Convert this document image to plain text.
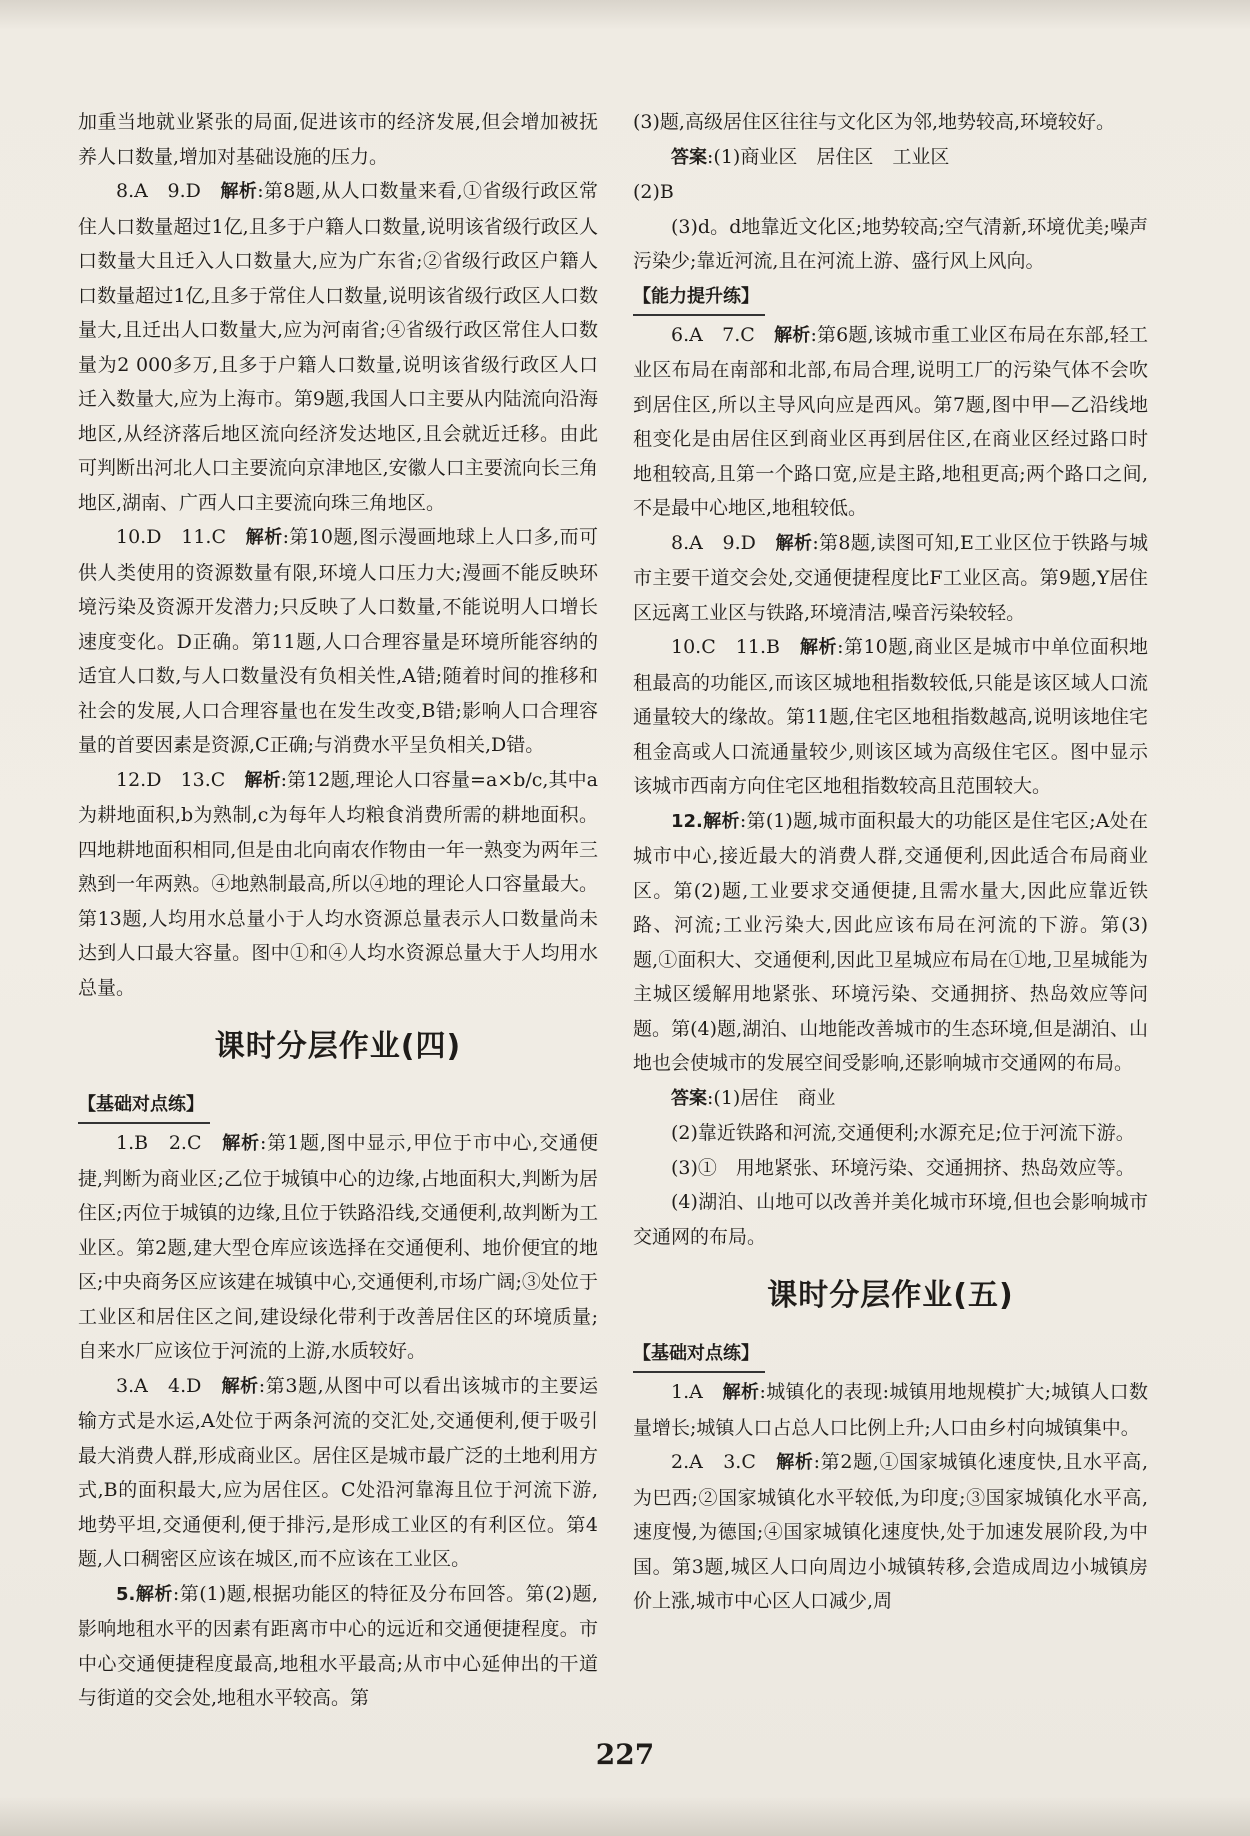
加重当地就业紧张的局面,促进该市的经济发展,但会增加被抚养人口数量,增加对基础设施的压力。

8.A　9.D　解析:第8题,从人口数量来看,①省级行政区常住人口数量超过1亿,且多于户籍人口数量,说明该省级行政区人口数量大且迁入人口数量大,应为广东省;②省级行政区户籍人口数量超过1亿,且多于常住人口数量,说明该省级行政区人口数量大,且迁出人口数量大,应为河南省;④省级行政区常住人口数量为2 000多万,且多于户籍人口数量,说明该省级行政区人口迁入数量大,应为上海市。第9题,我国人口主要从内陆流向沿海地区,从经济落后地区流向经济发达地区,且会就近迁移。由此可判断出河北人口主要流向京津地区,安徽人口主要流向长三角地区,湖南、广西人口主要流向珠三角地区。

10.D　11.C　解析:第10题,图示漫画地球上人口多,而可供人类使用的资源数量有限,环境人口压力大;漫画不能反映环境污染及资源开发潜力;只反映了人口数量,不能说明人口增长速度变化。D正确。第11题,人口合理容量是环境所能容纳的适宜人口数,与人口数量没有负相关性,A错;随着时间的推移和社会的发展,人口合理容量也在发生改变,B错;影响人口合理容量的首要因素是资源,C正确;与消费水平呈负相关,D错。

12.D　13.C　解析:第12题,理论人口容量=a×b/c,其中a为耕地面积,b为熟制,c为每年人均粮食消费所需的耕地面积。四地耕地面积相同,但是由北向南农作物由一年一熟变为两年三熟到一年两熟。④地熟制最高,所以④地的理论人口容量最大。第13题,人均用水总量小于人均水资源总量表示人口数量尚未达到人口最大容量。图中①和④人均水资源总量大于人均用水总量。

课时分层作业(四)
【 基础对点练 】

1.B　2.C　解析:第1题,图中显示,甲位于市中心,交通便捷,判断为商业区;乙位于城镇中心的边缘,占地面积大,判断为居住区;丙位于城镇的边缘,且位于铁路沿线,交通便利,故判断为工业区。第2题,建大型仓库应该选择在交通便利、地价便宜的地区;中央商务区应该建在城镇中心,交通便利,市场广阔;③处位于工业区和居住区之间,建设绿化带利于改善居住区的环境质量;自来水厂应该位于河流的上游,水质较好。

3.A　4.D　解析:第3题,从图中可以看出该城市的主要运输方式是水运,A处位于两条河流的交汇处,交通便利,便于吸引最大消费人群,形成商业区。居住区是城市最广泛的土地利用方式,B的面积最大,应为居住区。C处沿河靠海且位于河流下游,地势平坦,交通便利,便于排污,是形成工业区的有利区位。第4题,人口稠密区应该在城区,而不应该在工业区。

5.解析:第(1)题,根据功能区的特征及分布回答。第(2)题,影响地租水平的因素有距离市中心的远近和交通便捷程度。市中心交通便捷程度最高,地租水平最高;从市中心延伸出的干道与街道的交会处,地租水平较高。第

(3)题,高级居住区往往与文化区为邻,地势较高,环境较好。

答案:(1)商业区　居住区　工业区

(2)B

(3)d。d地靠近文化区;地势较高;空气清新,环境优美;噪声污染少;靠近河流,且在河流上游、盛行风上风向。

【 能力提升练 】

6.A　7.C　解析:第6题,该城市重工业区布局在东部,轻工业区布局在南部和北部,布局合理,说明工厂的污染气体不会吹到居住区,所以主导风向应是西风。第7题,图中甲—乙沿线地租变化是由居住区到商业区再到居住区,在商业区经过路口时地租较高,且第一个路口宽,应是主路,地租更高;两个路口之间,不是最中心地区,地租较低。

8.A　9.D　解析:第8题,读图可知,E工业区位于铁路与城市主要干道交会处,交通便捷程度比F工业区高。第9题,Y居住区远离工业区与铁路,环境清洁,噪音污染较轻。

10.C　11.B　解析:第10题,商业区是城市中单位面积地租最高的功能区,而该区城地租指数较低,只能是该区域人口流通量较大的缘故。第11题,住宅区地租指数越高,说明该地住宅租金高或人口流通量较少,则该区域为高级住宅区。图中显示该城市西南方向住宅区地租指数较高且范围较大。

12.解析:第(1)题,城市面积最大的功能区是住宅区;A处在城市中心,接近最大的消费人群,交通便利,因此适合布局商业区。第(2)题,工业要求交通便捷,且需水量大,因此应靠近铁路、河流;工业污染大,因此应该布局在河流的下游。第(3)题,①面积大、交通便利,因此卫星城应布局在①地,卫星城能为主城区缓解用地紧张、环境污染、交通拥挤、热岛效应等问题。第(4)题,湖泊、山地能改善城市的生态环境,但是湖泊、山地也会使城市的发展空间受影响,还影响城市交通网的布局。

答案:(1)居住　商业

(2)靠近铁路和河流,交通便利;水源充足;位于河流下游。

(3)①　用地紧张、环境污染、交通拥挤、热岛效应等。

(4)湖泊、山地可以改善并美化城市环境,但也会影响城市交通网的布局。

课时分层作业(五)
【 基础对点练 】

1.A　解析:城镇化的表现:城镇用地规模扩大;城镇人口数量增长;城镇人口占总人口比例上升;人口由乡村向城镇集中。

2.A　3.C　解析:第2题,①国家城镇化速度快,且水平高,为巴西;②国家城镇化水平较低,为印度;③国家城镇化水平高,速度慢,为德国;④国家城镇化速度快,处于加速发展阶段,为中国。第3题,城区人口向周边小城镇转移,会造成周边小城镇房价上涨,城市中心区人口减少,周

227
